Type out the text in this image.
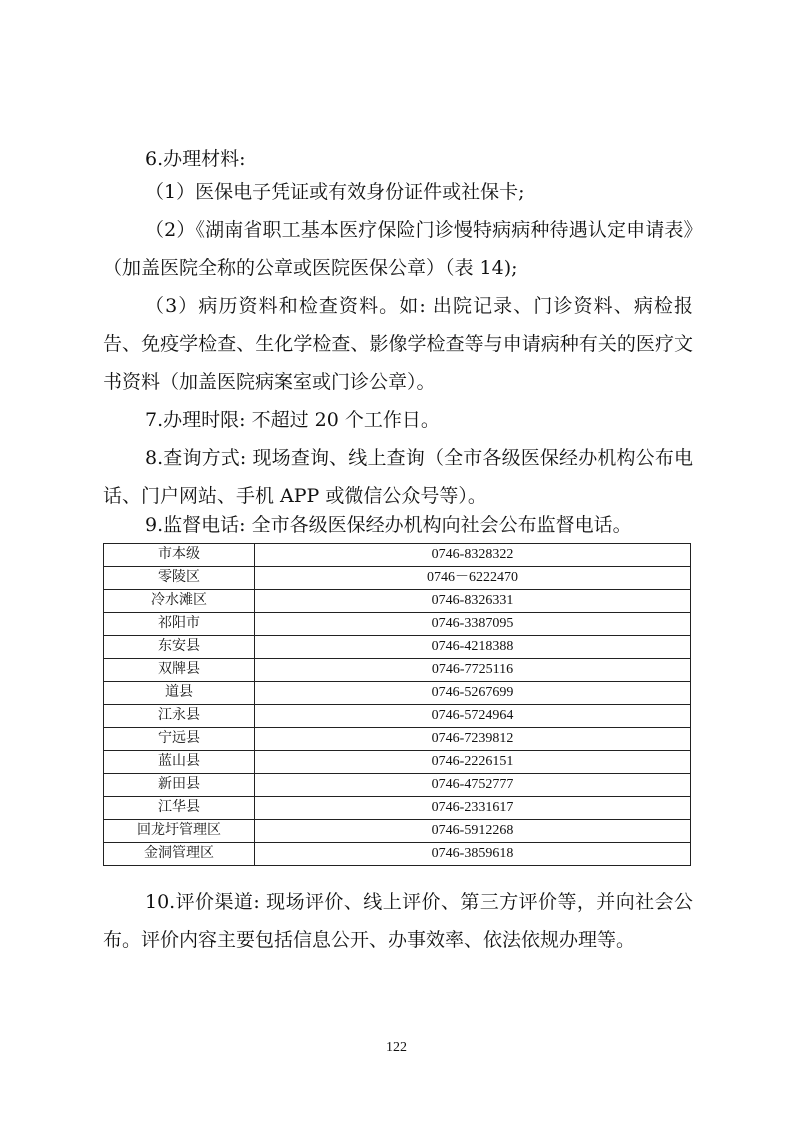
6.办理材料:

（1）医保电子凭证或有效身份证件或社保卡;

（2）《湖南省职工基本医疗保险门诊慢特病病种待遇认定申请表》（加盖医院全称的公章或医院医保公章）（表 14);

（3）病历资料和检查资料。如: 出院记录、门诊资料、病检报告、免疫学检查、生化学检查、影像学检查等与申请病种有关的医疗文书资料（加盖医院病案室或门诊公章）。

7.办理时限: 不超过 20 个工作日。

8.查询方式: 现场查询、线上查询（全市各级医保经办机构公布电话、门户网站、手机 APP 或微信公众号等）。

9.监督电话: 全市各级医保经办机构向社会公布监督电话。

市本级	0746-8328322
零陵区	0746－6222470
冷水滩区	0746-8326331
祁阳市	0746-3387095
东安县	0746-4218388
双牌县	0746-7725116
道县	0746-5267699
江永县	0746-5724964
宁远县	0746-7239812
蓝山县	0746-2226151
新田县	0746-4752777
江华县	0746-2331617
回龙圩管理区	0746-5912268
金洞管理区	0746-3859618

10.评价渠道: 现场评价、线上评价、第三方评价等，并向社会公布。评价内容主要包括信息公开、办事效率、依法依规办理等。

122
